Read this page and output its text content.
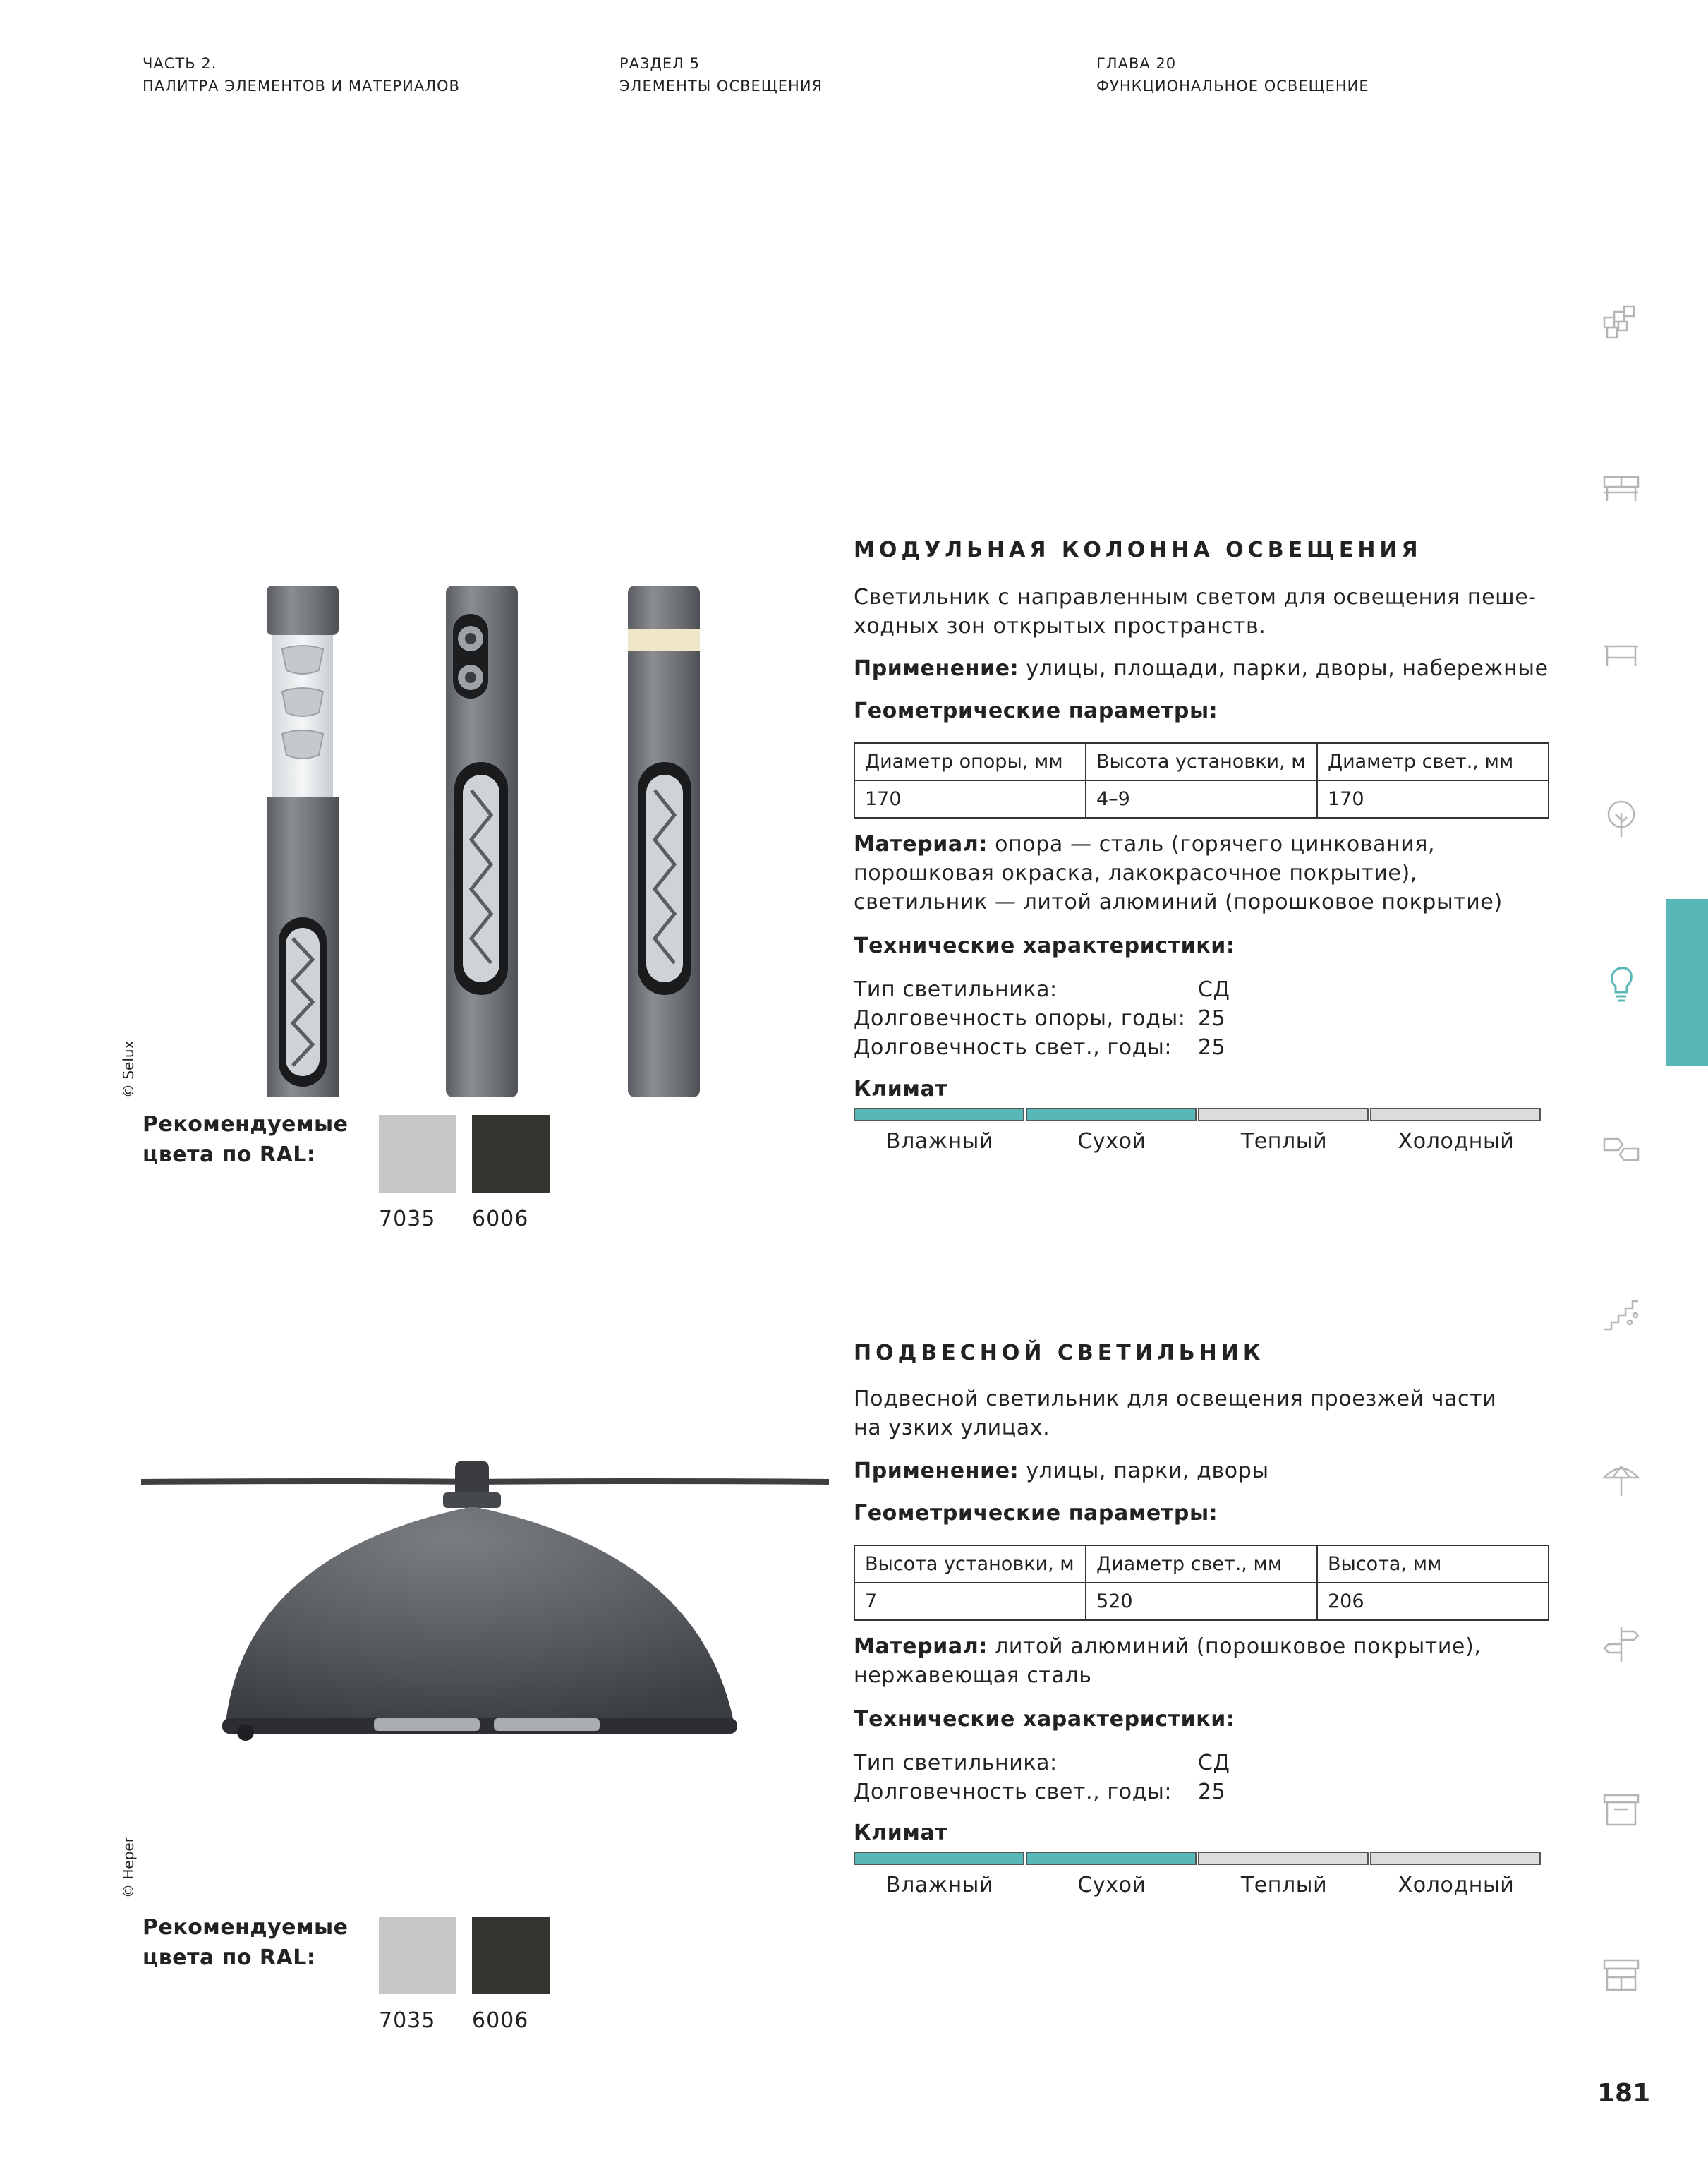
ЧАСТЬ 2.
ПАЛИТРА ЭЛЕМЕНТОВ И МАТЕРИАЛОВ
РАЗДЕЛ 5
ЭЛЕМЕНТЫ ОСВЕЩЕНИЯ
ГЛАВА 20
ФУНКЦИОНАЛЬНОЕ ОСВЕЩЕНИЕ
© Selux
Рекомендуемые
цвета по RAL:
7035 6006
МОДУЛЬНАЯ КОЛОННА ОСВЕЩЕНИЯ
Светильник с направленным светом для освещения пеше-
ходных зон открытых пространств.
Применение: улицы, площади, парки, дворы, набережные
Геометрические параметры:
Диаметр опоры, мм	Высота установки, м	Диаметр свет., мм
170	4–9	170
Материал: опора — сталь (горячего цинкования,
порошковая окраска, лакокрасочное покрытие),
светильник — литой алюминий (порошковое покрытие)
Технические характеристики:
Тип светильника:	СД
Долговечность опоры, годы: 25
Долговечность свет., годы:	25
Климат
Влажный	Сухой	Теплый	Холодный
© Heper
Рекомендуемые
цвета по RAL:
7035 6006
ПОДВЕСНОЙ СВЕТИЛЬНИК
Подвесной светильник для освещения проезжей части
на узких улицах.
Применение: улицы, парки, дворы
Геометрические параметры:
Высота установки, м	Диаметр свет., мм	Высота, мм
7	520	206
Материал: литой алюминий (порошковое покрытие),
нержавеющая сталь
Технические характеристики:
Тип светильника:	СД
Долговечность свет., годы:	25
Климат
Влажный	Сухой	Теплый	Холодный
181
